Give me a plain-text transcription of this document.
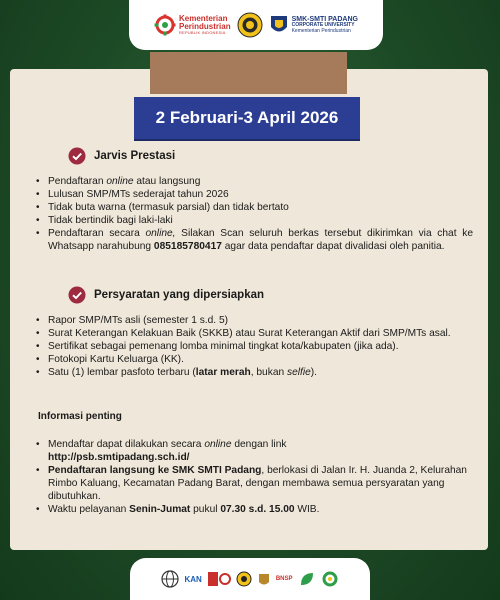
Kementerian
Perindustrian
REPUBLIK INDONESIA
SMK-SMTI PADANG
CORPORATE UNIVERSITY
Kementerian Perindustrian
2 Februari-3 April 2026
Jarvis Prestasi
• Pendaftaran online atau langsung
• Lulusan SMP/MTs sederajat tahun 2026
• Tidak buta warna (termasuk parsial) dan tidak bertato
• Tidak bertindik bagi laki-laki
• Pendaftaran secara online, Silakan Scan seluruh berkas tersebut dikirimkan via chat ke Whatsapp narahubung 085185780417 agar data pendaftar dapat divalidasi oleh panitia.
Persyaratan yang dipersiapkan
• Rapor SMP/MTs asli (semester 1 s.d. 5)
• Surat Keterangan Kelakuan Baik (SKKB) atau Surat Keterangan Aktif dari SMP/MTs asal.
• Sertifikat sebagai pemenang lomba minimal tingkat kota/kabupaten (jika ada).
• Fotokopi Kartu Keluarga (KK).
• Satu (1) lembar pasfoto terbaru (latar merah, bukan selfie).
Informasi penting
• Mendaftar dapat dilakukan secara online dengan link
http://psb.smtipadang.sch.id/
• Pendaftaran langsung ke SMK SMTI Padang, berlokasi di Jalan Ir. H. Juanda 2, Kelurahan Rimbo Kaluang, Kecamatan Padang Barat, dengan membawa semua persyaratan yang dibutuhkan.
• Waktu pelayanan Senin-Jumat pukul 07.30 s.d. 15.00 WIB.
KAN	BNSP
